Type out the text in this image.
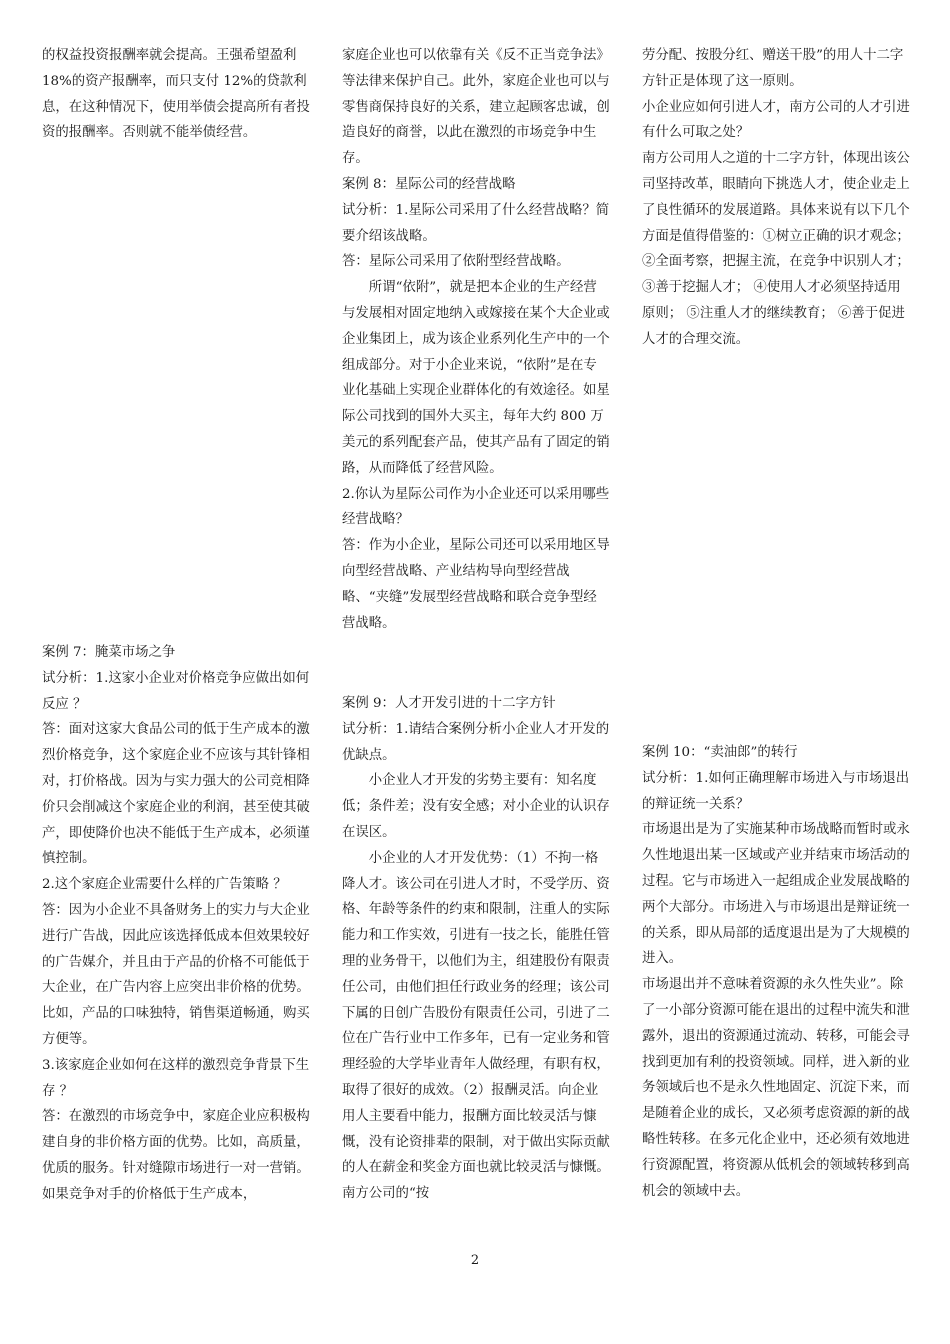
的权益投资报酬率就会提高。王强希望盈利18%的资产报酬率，而只支付 12%的贷款利息，在这种情况下，使用举债会提高所有者投资的报酬率。否则就不能举债经营。

案例 7：腌菜市场之争

试分析：1.这家小企业对价格竞争应做出如何反应 ？

答：面对这家大食品公司的低于生产成本的激烈价格竞争，这个家庭企业不应该与其针锋相对，打价格战。因为与实力强大的公司竞相降价只会削减这个家庭企业的利润，甚至使其破产，即使降价也决不能低于生产成本，必须谨慎控制。

2.这个家庭企业需要什么样的广告策略 ？

答：因为小企业不具备财务上的实力与大企业进行广告战，因此应该选择低成本但效果较好的广告媒介，并且由于产品的价格不可能低于大企业，在广告内容上应突出非价格的优势。比如，产品的口味独特，销售渠道畅通，购买方便等。

3.该家庭企业如何在这样的激烈竞争背景下生存 ？

答：在激烈的市场竞争中，家庭企业应积极构建自身的非价格方面的优势。比如，高质量，优质的服务。针对缝隙市场进行一对一营销。如果竞争对手的价格低于生产成本，

家庭企业也可以依靠有关《反不正当竞争法》等法律来保护自己。此外，家庭企业也可以与零售商保持良好的关系，建立起顾客忠诚，创造良好的商誉，以此在激烈的市场竞争中生存。

案例 8：星际公司的经营战略

试分析：1.星际公司采用了什么经营战略？简要介绍该战略。

答：星际公司采用了依附型经营战略。

所谓“依附”，就是把本企业的生产经营与发展相对固定地纳入或嫁接在某个大企业或企业集团上，成为该企业系列化生产中的一个组成部分。对于小企业来说，“依附”是在专业化基础上实现企业群体化的有效途径。如星际公司找到的国外大买主，每年大约 800 万美元的系列配套产品，使其产品有了固定的销路，从而降低了经营风险。

2.你认为星际公司作为小企业还可以采用哪些经营战略？

答：作为小企业，星际公司还可以采用地区导向型经营战略、产业结构导向型经营战略、“夹缝”发展型经营战略和联合竞争型经营战略。

案例 9：人才开发引进的十二字方针

试分析：1.请结合案例分析小企业人才开发的优缺点。

小企业人才开发的劣势主要有：知名度低；条件差；没有安全感；对小企业的认识存在误区。

小企业的人才开发优势：（1）不拘一格降人才。该公司在引进人才时，不受学历、资格、年龄等条件的约束和限制，注重人的实际能力和工作实效，引进有一技之长，能胜任管理的业务骨干，以他们为主，组建股份有限责任公司，由他们担任行政业务的经理；该公司下属的日创广告股份有限责任公司，引进了二位在广告行业中工作多年，已有一定业务和管理经验的大学毕业青年人做经理，有职有权，取得了很好的成效。（2）报酬灵活。向企业用人主要看中能力，报酬方面比较灵活与慷慨，没有论资排辈的限制，对于做出实际贡献的人在薪金和奖金方面也就比较灵活与慷慨。南方公司的“按

劳分配、按股分红、赠送干股”的用人十二字方针正是体现了这一原则。

小企业应如何引进人才，南方公司的人才引进有什么可取之处？

南方公司用人之道的十二字方针，体现出该公司坚持改革，眼睛向下挑选人才，使企业走上了良性循环的发展道路。具体来说有以下几个方面是值得借鉴的：①树立正确的识才观念；②全面考察，把握主流，在竞争中识别人才； ③善于挖掘人才； ④使用人才必须坚持适用原则； ⑤注重人才的继续教育； ⑥善于促进人才的合理交流。

案例 10：“卖油郎”的转行

试分析：1.如何正确理解市场进入与市场退出的辩证统一关系？

市场退出是为了实施某种市场战略而暂时或永久性地退出某一区域或产业并结束市场活动的过程。它与市场进入一起组成企业发展战略的两个大部分。市场进入与市场退出是辩证统一的关系，即从局部的适度退出是为了大规模的进入。

市场退出并不意味着资源的永久性失业”。除了一小部分资源可能在退出的过程中流失和泄露外，退出的资源通过流动、转移，可能会寻找到更加有利的投资领域。同样，进入新的业务领域后也不是永久性地固定、沉淀下来，而是随着企业的成长，又必须考虑资源的新的战略性转移。在多元化企业中，还必须有效地进行资源配置，将资源从低机会的领域转移到高机会的领域中去。

2
